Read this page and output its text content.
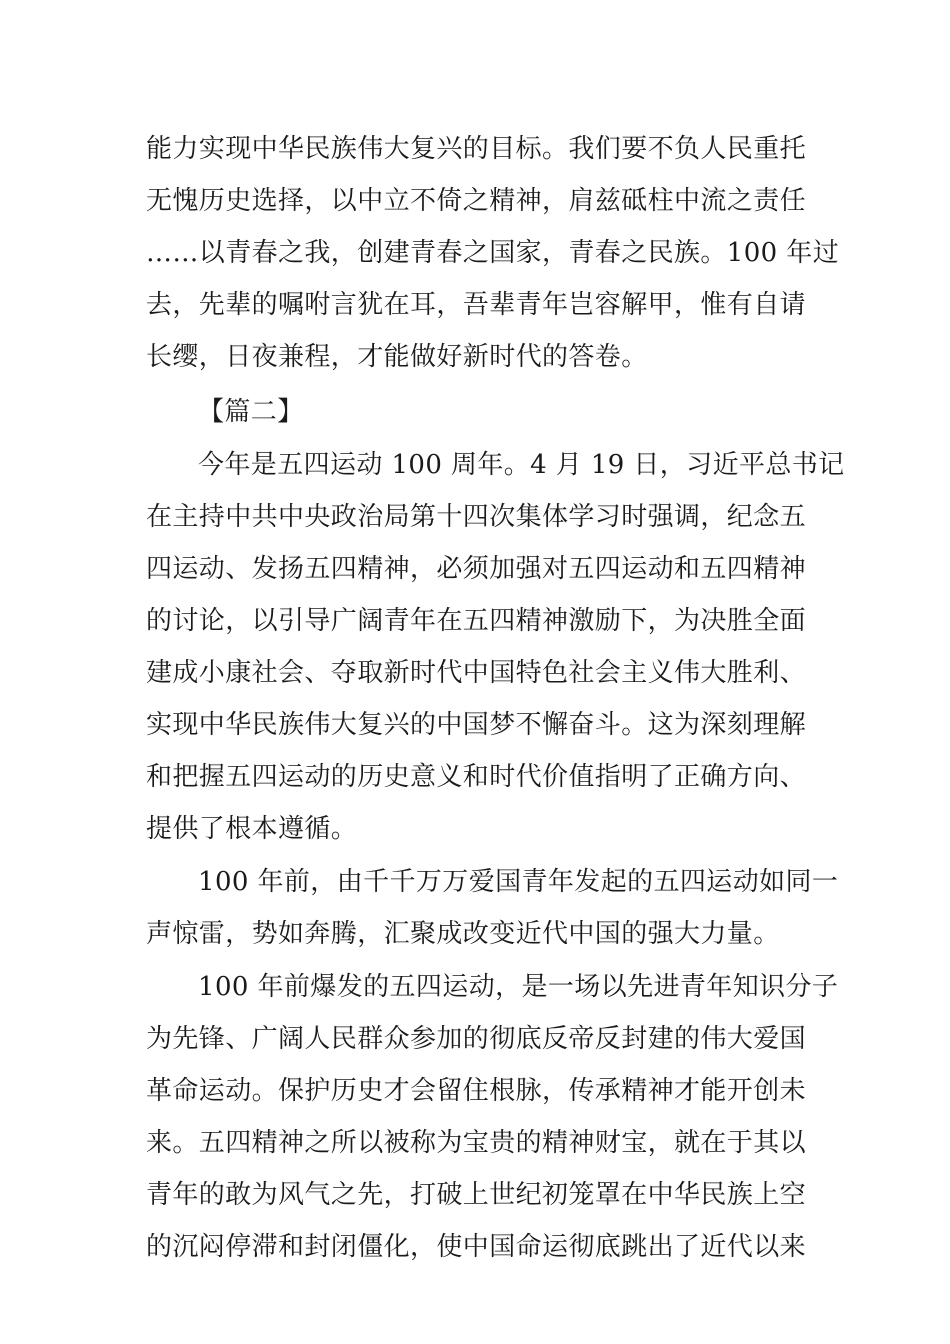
能力实现中华民族伟大复兴的目标。我们要不负人民重托
无愧历史选择，以中立不倚之精神，肩兹砥柱中流之责任
……以青春之我，创建青春之国家，青春之民族。100 年过
去，先辈的嘱咐言犹在耳，吾辈青年岂容解甲，惟有自请
长缨，日夜兼程，才能做好新时代的答卷。
【篇二】
今年是五四运动 100 周年。4 月 19 日，习近平总书记
在主持中共中央政治局第十四次集体学习时强调，纪念五
四运动、发扬五四精神，必须加强对五四运动和五四精神
的讨论，以引导广阔青年在五四精神激励下，为决胜全面
建成小康社会、夺取新时代中国特色社会主义伟大胜利、
实现中华民族伟大复兴的中国梦不懈奋斗。这为深刻理解
和把握五四运动的历史意义和时代价值指明了正确方向、
提供了根本遵循。
100 年前，由千千万万爱国青年发起的五四运动如同一
声惊雷，势如奔腾，汇聚成改变近代中国的强大力量。
100 年前爆发的五四运动，是一场以先进青年知识分子
为先锋、广阔人民群众参加的彻底反帝反封建的伟大爱国
革命运动。保护历史才会留住根脉，传承精神才能开创未
来。五四精神之所以被称为宝贵的精神财宝，就在于其以
青年的敢为风气之先，打破上世纪初笼罩在中华民族上空
的沉闷停滞和封闭僵化，使中国命运彻底跳出了近代以来
